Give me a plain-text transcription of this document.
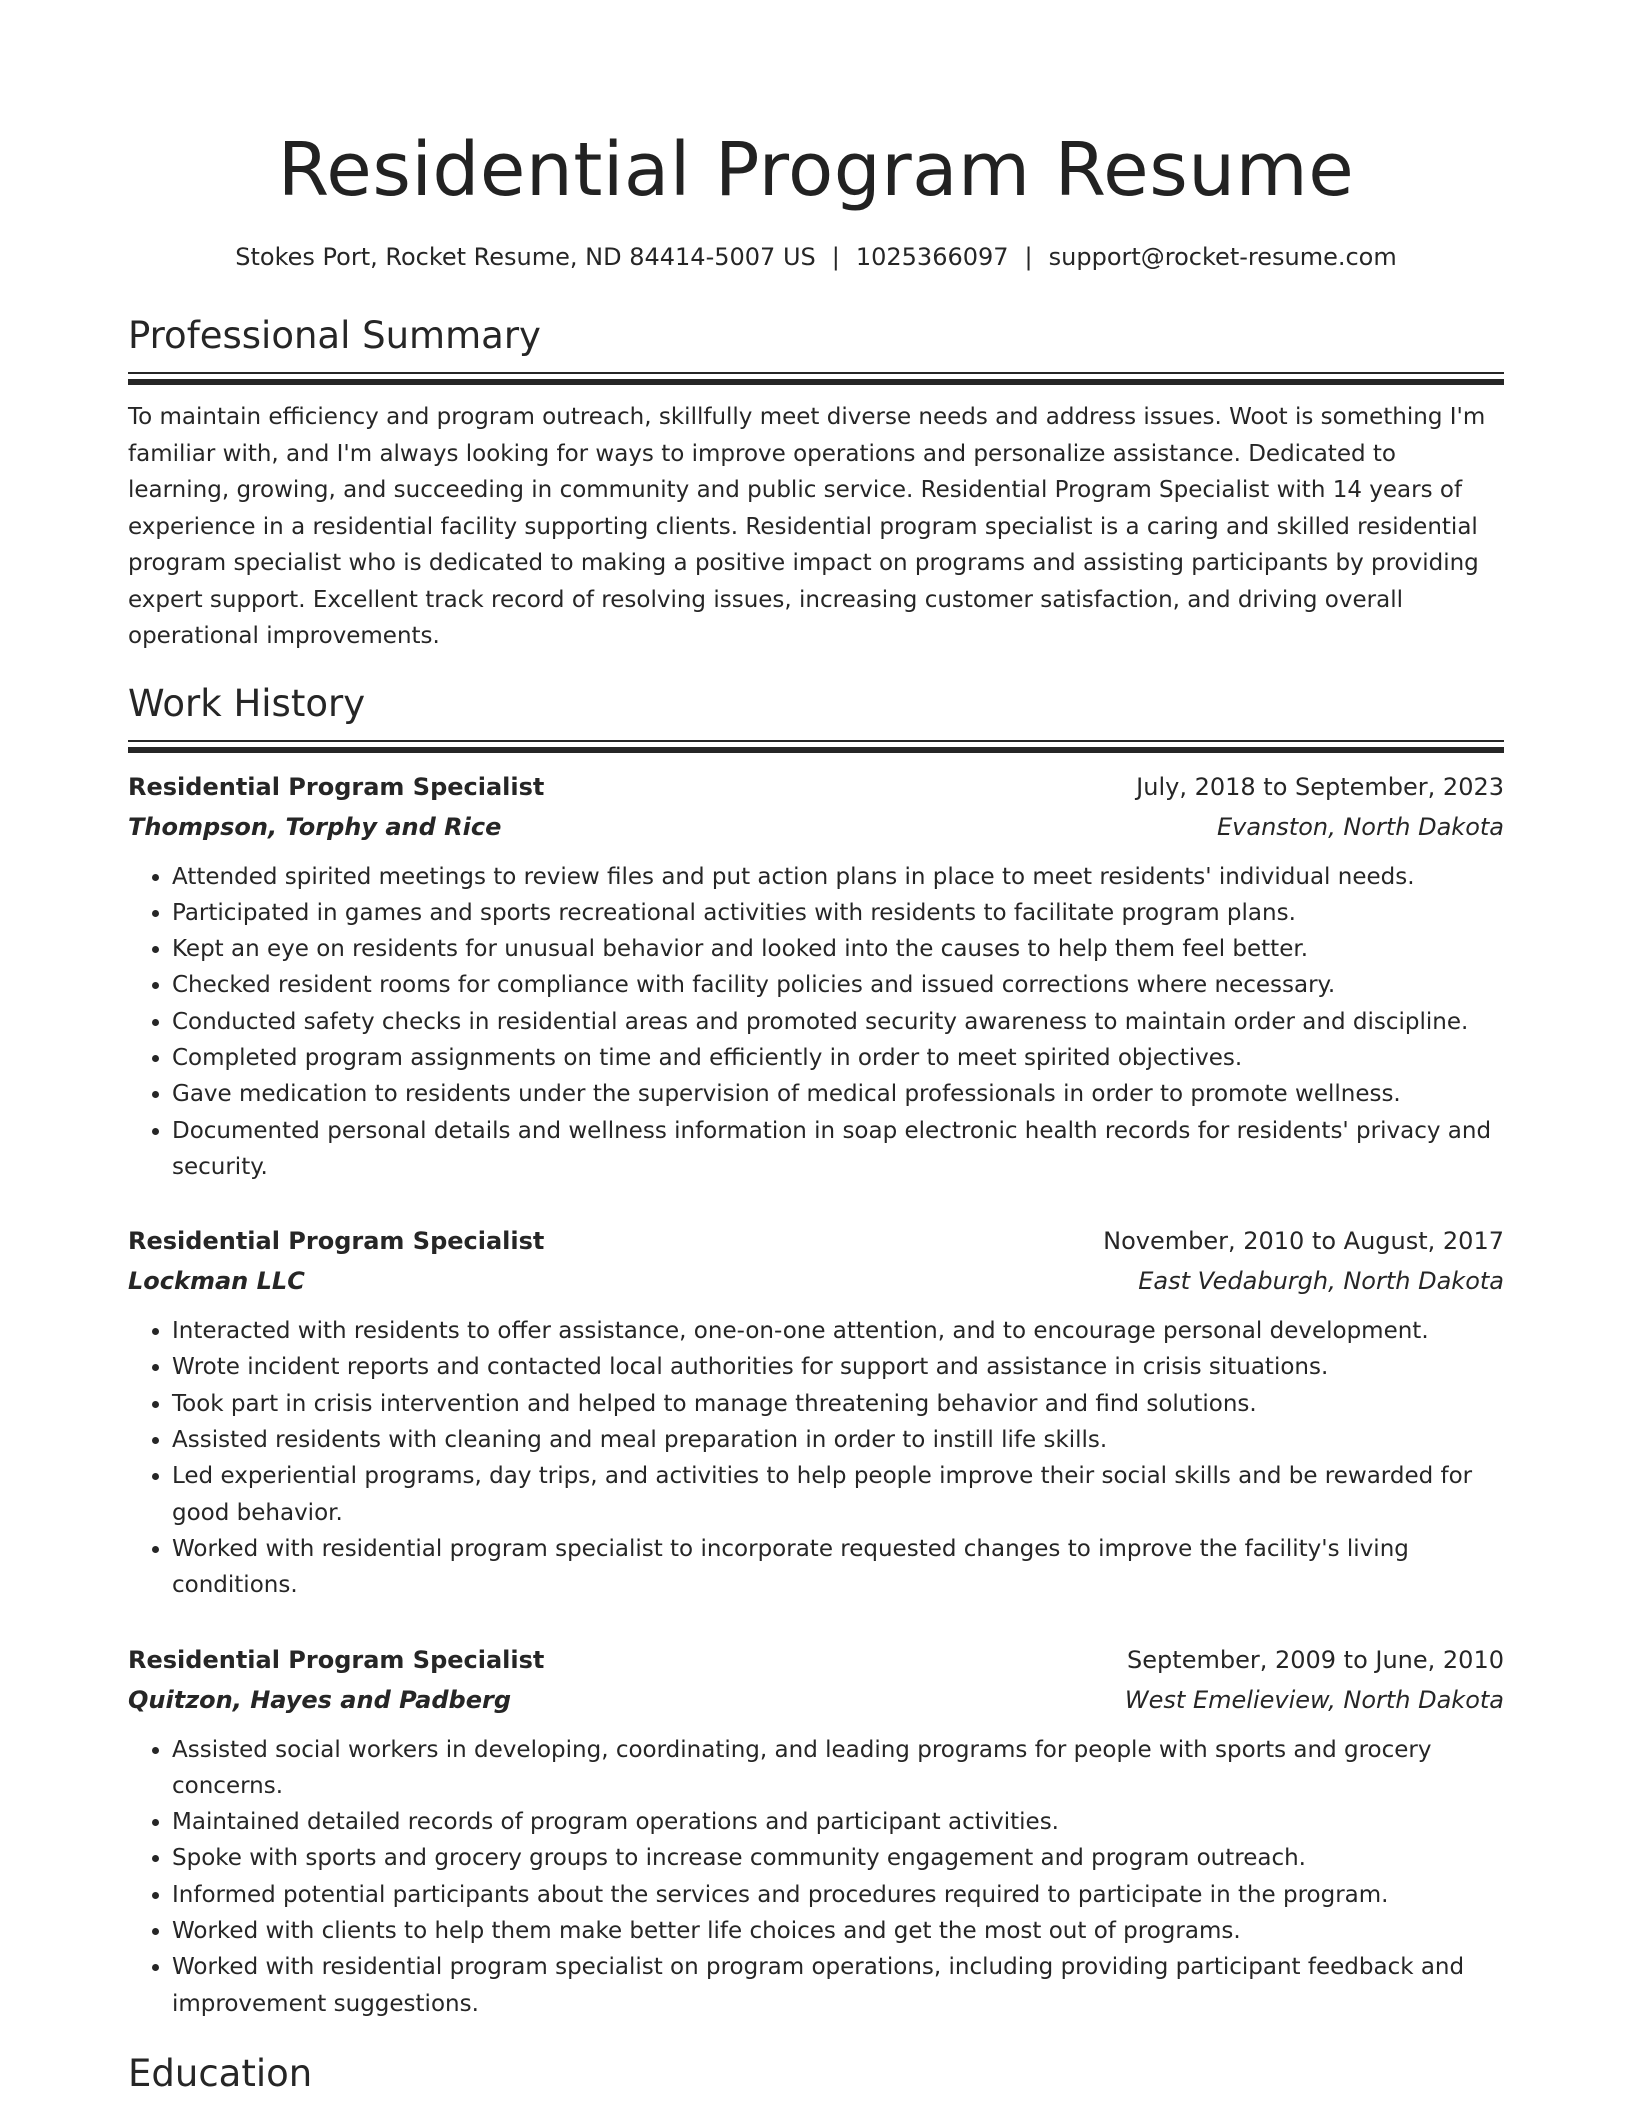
Residential Program Resume
Stokes Port, Rocket Resume, ND 84414-5007 US | 1025366097 | support@rocket-resume.com
Professional Summary

To maintain efficiency and program outreach, skillfully meet diverse needs and address issues. Woot is something I'm familiar with, and I'm always looking for ways to improve operations and personalize assistance. Dedicated to learning, growing, and succeeding in community and public service. Residential Program Specialist with 14 years of experience in a residential facility supporting clients. Residential program specialist is a caring and skilled residential program specialist who is dedicated to making a positive impact on programs and assisting participants by providing expert support. Excellent track record of resolving issues, increasing customer satisfaction, and driving overall operational improvements.

Work History
Residential Program Specialist	July, 2018 to September, 2023
Thompson, Torphy and Rice	Evanston, North Dakota
• Attended spirited meetings to review files and put action plans in place to meet residents' individual needs.
• Participated in games and sports recreational activities with residents to facilitate program plans.
• Kept an eye on residents for unusual behavior and looked into the causes to help them feel better.
• Checked resident rooms for compliance with facility policies and issued corrections where necessary.
• Conducted safety checks in residential areas and promoted security awareness to maintain order and discipline.
• Completed program assignments on time and efficiently in order to meet spirited objectives.
• Gave medication to residents under the supervision of medical professionals in order to promote wellness.
• Documented personal details and wellness information in soap electronic health records for residents' privacy and security.
Residential Program Specialist	November, 2010 to August, 2017
Lockman LLC	East Vedaburgh, North Dakota
• Interacted with residents to offer assistance, one-on-one attention, and to encourage personal development.
• Wrote incident reports and contacted local authorities for support and assistance in crisis situations.
• Took part in crisis intervention and helped to manage threatening behavior and find solutions.
• Assisted residents with cleaning and meal preparation in order to instill life skills.
• Led experiential programs, day trips, and activities to help people improve their social skills and be rewarded for good behavior.
• Worked with residential program specialist to incorporate requested changes to improve the facility's living conditions.
Residential Program Specialist	September, 2009 to June, 2010
Quitzon, Hayes and Padberg	West Emelieview, North Dakota
• Assisted social workers in developing, coordinating, and leading programs for people with sports and grocery concerns.
• Maintained detailed records of program operations and participant activities.
• Spoke with sports and grocery groups to increase community engagement and program outreach.
• Informed potential participants about the services and procedures required to participate in the program.
• Worked with clients to help them make better life choices and get the most out of programs.
• Worked with residential program specialist on program operations, including providing participant feedback and improvement suggestions.
Education
